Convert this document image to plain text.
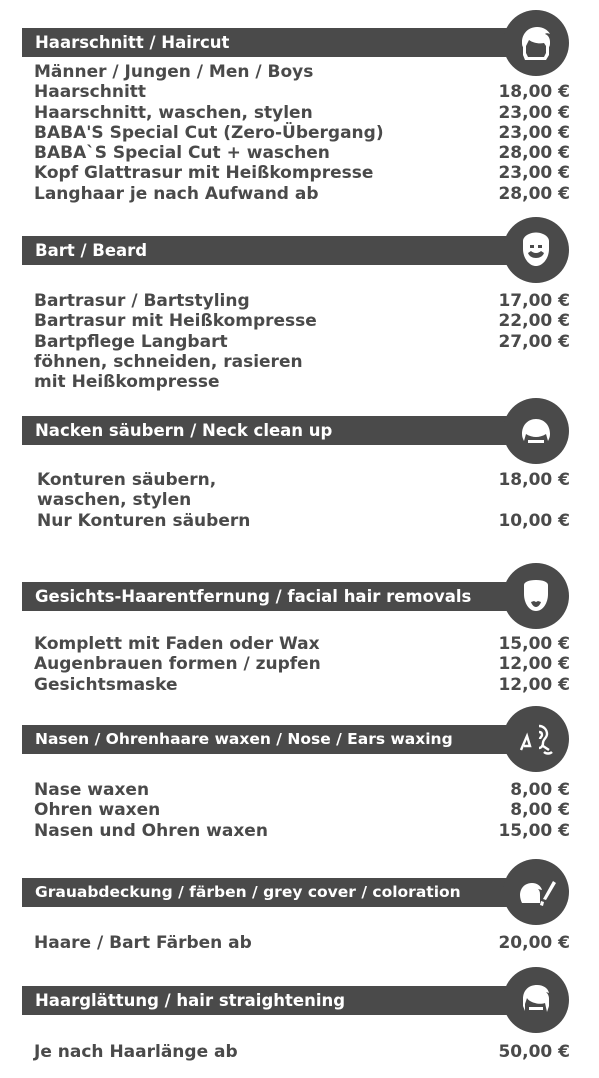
Haarschnitt / Haircut
Männer / Jungen / Men / Boys
Haarschnitt	18,00 €
Haarschnitt, waschen, stylen	23,00 €
BABA'S Special Cut (Zero-Übergang)	23,00 €
BABA`S Special Cut + waschen	28,00 €
Kopf Glattrasur mit Heißkompresse	23,00 €
Langhaar je nach Aufwand ab	28,00 €
Bart / Beard
Bartrasur / Bartstyling	17,00 €
Bartrasur mit Heißkompresse	22,00 €
Bartpflege Langbart	27,00 €
föhnen, schneiden, rasieren
mit Heißkompresse
Nacken säubern / Neck clean up
Konturen säubern,	18,00 €
waschen, stylen
Nur Konturen säubern	10,00 €
Gesichts-Haarentfernung / facial hair removals
Komplett mit Faden oder Wax	15,00 €
Augenbrauen formen / zupfen	12,00 €
Gesichtsmaske	12,00 €
Nasen / Ohrenhaare waxen / Nose / Ears waxing
Nase waxen	8,00 €
Ohren waxen	8,00 €
Nasen und Ohren waxen	15,00 €
Grauabdeckung / färben / grey cover / coloration
Haare / Bart Färben ab	20,00 €
Haarglättung / hair straightening
Je nach Haarlänge ab	50,00 €
